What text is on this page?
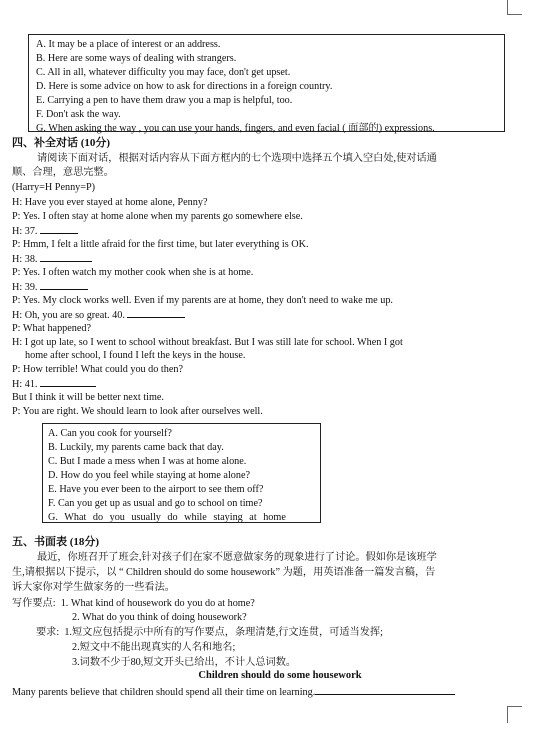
A. It may be a place of interest or an address.
B. Here are some ways of dealing with strangers.
C. All in all, whatever difficulty you may face, don't get upset.
D. Here is some advice on how to ask for directions in a foreign country.
E. Carrying a pen to have them draw you a map is helpful, too.
F. Don't ask the way.
G. When asking the way , you can use your hands, fingers, and even facial ( 面部的) expressions.
四、补全对话 (10分)
请阅读下面对话，根据对话内容从下面方框内的七个选项中选择五个填入空白处,使对话通
顺、合理，意思完整。
(Harry=H Penny=P)
H: Have you ever stayed at home alone, Penny?
P: Yes. I often stay at home alone when my parents go somewhere else.
H: 37.
P: Hmm, I felt a little afraid for the first time, but later everything is OK.
H: 38.
P: Yes. I often watch my mother cook when she is at home.
H: 39.
P: Yes. My clock works well. Even if my parents are at home, they don't need to wake me up.
H: Oh, you are so great. 40.
P: What happened?
H: I got up late, so I went to school without breakfast. But I was still late for school. When I got
home after school, I found I left the keys in the house.
P: How terrible! What could you do then?
H: 41.
But I think it will be better next time.
P: You are right. We should learn to look after ourselves well.
A. Can you cook for yourself?
B. Luckily, my parents came back that day.
C. But I made a mess when I was at home alone.
D. How do you feel while staying at home alone?
E. Have you ever been to the airport to see them off?
F. Can you get up as usual and go to school on time?
G. What do you usually do while staying at home
五、书面表 (18分)
最近，你班召开了班会,针对孩子们在家不愿意做家务的现象进行了讨论。假如你是该班学
生,请根据以下提示，以 “ Children should do some housework” 为题，用英语准备一篇发言稿，告
诉大家你对学生做家务的一些看法。
写作要点: 1. What kind of housework do you do at home?
2. What do you think of doing housework?
要求: 1.短文应包括提示中所有的写作要点，条理清楚,行文连贯，可适当发挥;
2.短文中不能出现真实的人名和地名;
3.词数不少于80,短文开头已给出，不计人总词数。
Children should do some housework
Many parents believe that children should spend all their time on learning.
